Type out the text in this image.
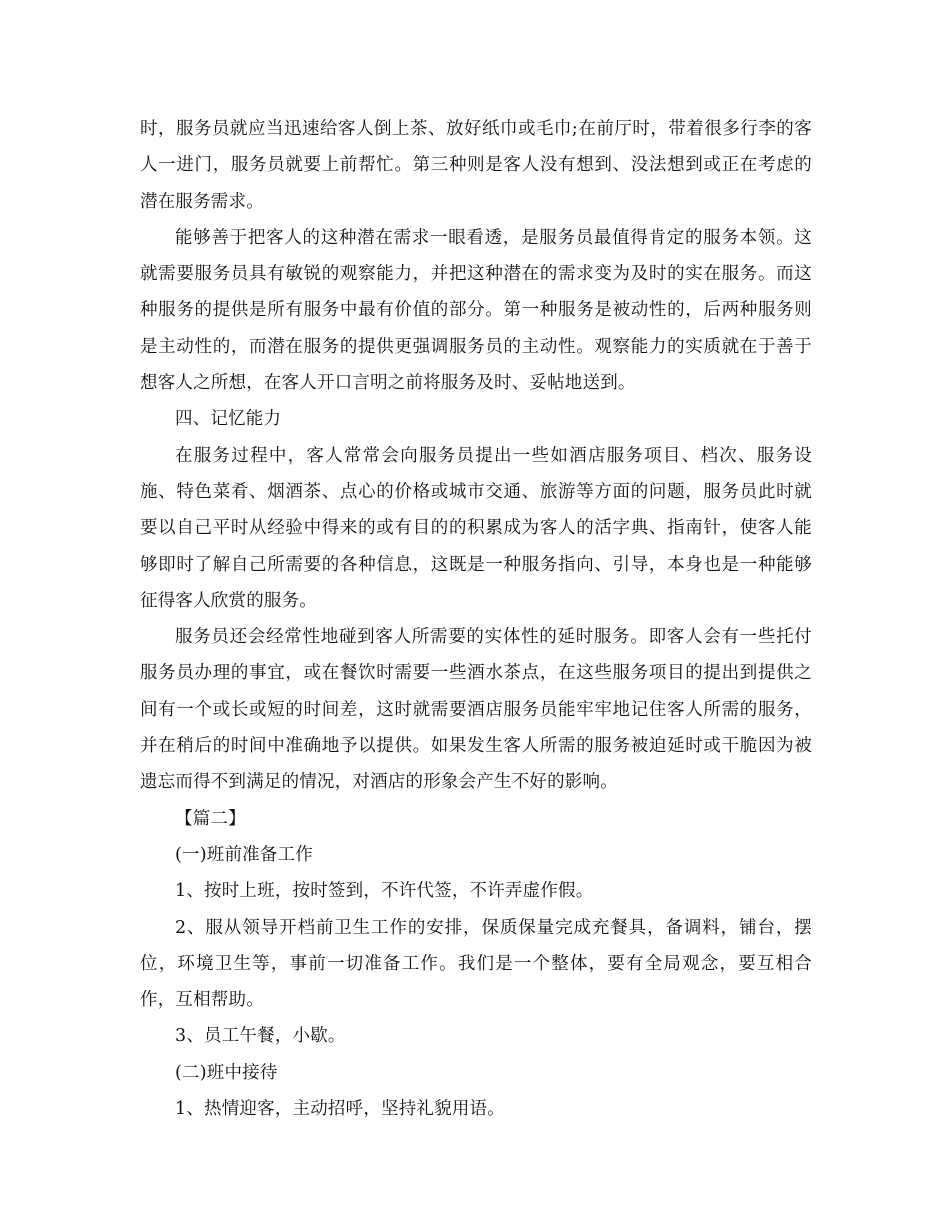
时，服务员就应当迅速给客人倒上茶、放好纸巾或毛巾;在前厅时，带着很多行李的客人一进门，服务员就要上前帮忙。第三种则是客人没有想到、没法想到或正在考虑的潜在服务需求。

能够善于把客人的这种潜在需求一眼看透，是服务员最值得肯定的服务本领。这就需要服务员具有敏锐的观察能力，并把这种潜在的需求变为及时的实在服务。而这种服务的提供是所有服务中最有价值的部分。第一种服务是被动性的，后两种服务则是主动性的，而潜在服务的提供更强调服务员的主动性。观察能力的实质就在于善于想客人之所想，在客人开口言明之前将服务及时、妥帖地送到。

四、记忆能力

在服务过程中，客人常常会向服务员提出一些如酒店服务项目、档次、服务设施、特色菜肴、烟酒茶、点心的价格或城市交通、旅游等方面的问题，服务员此时就要以自己平时从经验中得来的或有目的的积累成为客人的活字典、指南针，使客人能够即时了解自己所需要的各种信息，这既是一种服务指向、引导，本身也是一种能够征得客人欣赏的服务。

服务员还会经常性地碰到客人所需要的实体性的延时服务。即客人会有一些托付服务员办理的事宜，或在餐饮时需要一些酒水茶点，在这些服务项目的提出到提供之间有一个或长或短的时间差，这时就需要酒店服务员能牢牢地记住客人所需的服务，并在稍后的时间中准确地予以提供。如果发生客人所需的服务被迫延时或干脆因为被遗忘而得不到满足的情况，对酒店的形象会产生不好的影响。

【篇二】

(一)班前准备工作

1、按时上班，按时签到，不许代签，不许弄虚作假。

2、服从领导开档前卫生工作的安排，保质保量完成充餐具，备调料，铺台，摆位，环境卫生等，事前一切准备工作。我们是一个整体，要有全局观念，要互相合作，互相帮助。

3、员工午餐，小歇。

(二)班中接待

1、热情迎客，主动招呼，坚持礼貌用语。
